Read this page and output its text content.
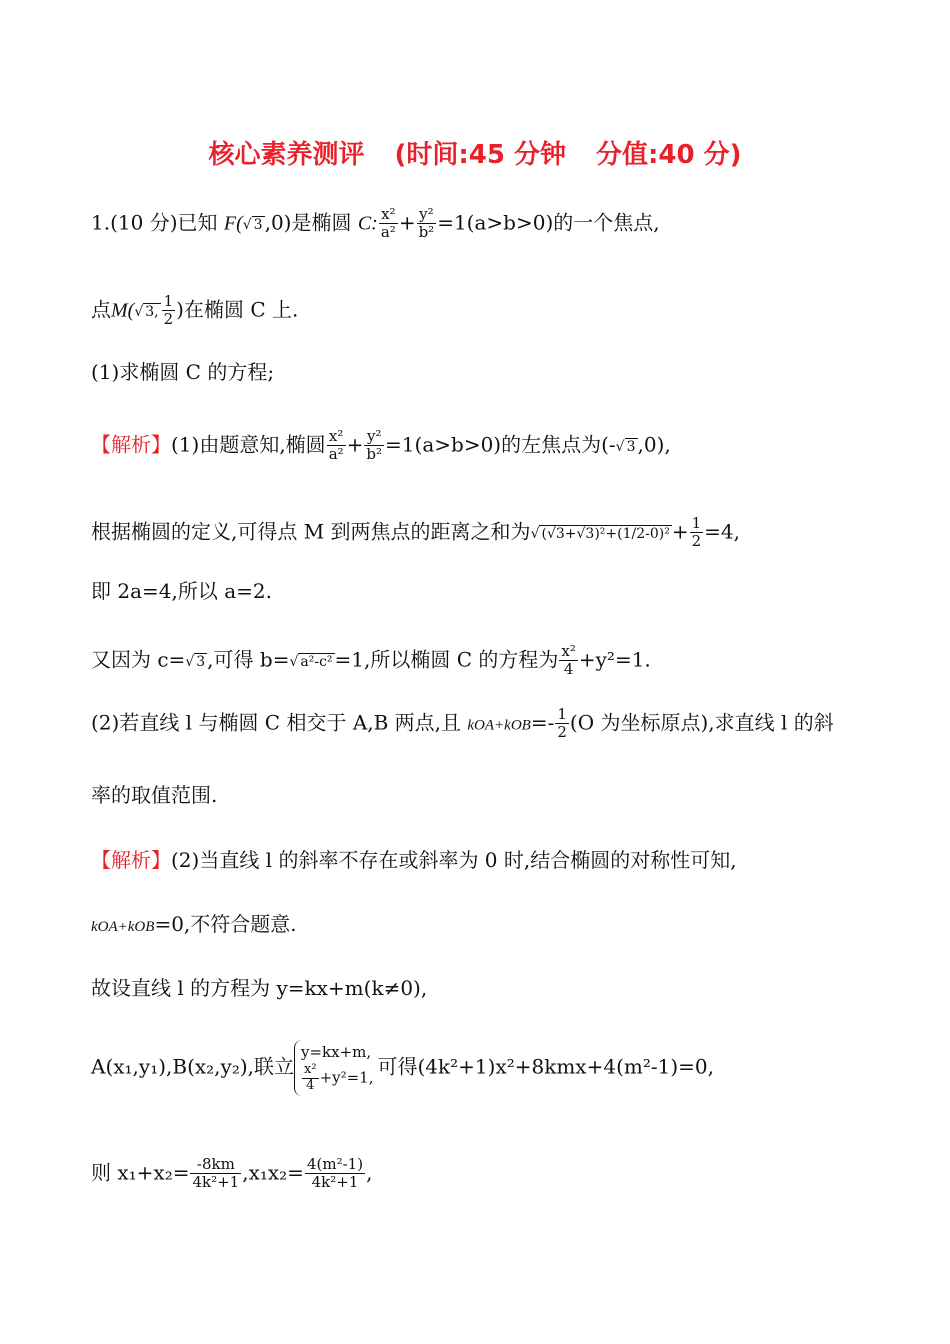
核心素养测评 (时间:45 分钟 分值:40 分)
1.(10 分)已知 F(√ 3 ,0)是椭圆 C: $\frac{\text{x²}}{\text{a²}} + \frac{\text{y²}}{\text{b²}} =1(a>b>0)$的一个焦点,
点M(√ 3, $\frac{1}{2}$ )在椭圆 C 上.
(1)求椭圆 C 的方程;
【解析】(1)由题意知,椭圆 $\frac{\text{x²}}{\text{a²}} + \frac{\text{y²}}{\text{b²}} =1(a>b>0)$的左焦点为(-√ 3 ,0),
根据椭圆的定义,可得点 M 到两焦点的距离之和为√ $(√3+√3)^2+(1/2-0)^2 + \frac{1}{2} =4$,
即 2a=4,所以 a=2.
又因为 c=√ 3 ,可得 b=√ a²-c² =1,所以椭圆 C 的方程为 $\frac{\text{x²}}{4} +y^2=1$.
(2)若直线 l 与椭圆 C 相交于 A,B 两点,且 $kOA+kOB=- \frac{1}{2} (O$ 为坐标原点),求直线 l 的斜
率的取值范围.
【解析】(2)当直线 l 的斜率不存在或斜率为 0 时,结合椭圆的对称性可知,
kOA+kOB=0,不符合题意.
故设直线 l 的方程为 y=kx+m(k≠0),
A(x₁,y₁),B(x₂,y₂),联立
y=kx+m,
$\frac{\text{x²}}{4} +y^2=1$, 可得(4k²+1)x²+8kmx+4(m²-1)=0,
则 $x_1+x_2= \frac{-8km}{\text{4k²+1}} ,x_1x_2= \frac{\text{4(m²-1)}}{\text{4k²+1}}$ ,
